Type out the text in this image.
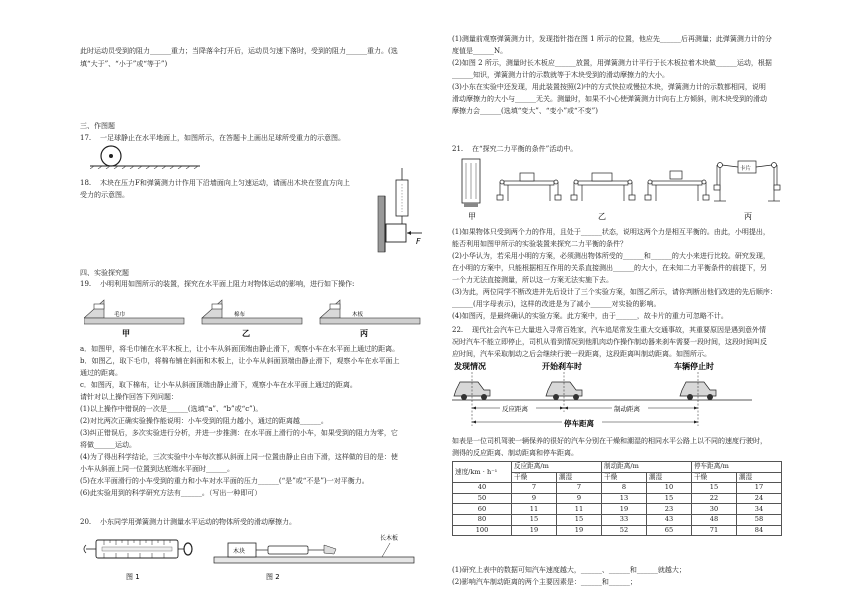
此时运动员受到的阻力______重力；当降落伞打开后，运动员匀速下落时，受到的阻力______重力。(选
填“大于”、“小于”或“等于”)
三、作图题
17.    一足球静止在水平地面上，如图所示，在答题卡上画出足球所受重力的示意图。
18.    木块在压力F和弹簧测力计作用下沿墙面向上匀速运动，请画出木块在竖直方向上
受力的示意图。
F
四、实验探究题
19.    小明利用如图所示的装置，探究在水平面上阻力对物体运动的影响，进行如下操作:
毛巾	棉布	木板
甲	乙	丙
a．如图甲，将毛巾铺在水平木板上，让小车从斜面顶端由静止滑下，观察小车在水平面上通过的距离。
b．如图乙，取下毛巾，将棉布铺在斜面和木板上，让小车从斜面顶端由静止滑下，观察小车在水平面上
通过的距离。
c．如图丙，取下棉布，让小车从斜面顶端由静止滑下，观察小车在水平面上通过的距离。
请针对以上操作回答下列问题：
(1)以上操作中错误的一次是______(选填“a”、“b”或“c”)。
(2)对比两次正确实验操作能说明：小车受到的阻力越小，通过的距离越______。
(3)纠正错误后，多次实验进行分析，并进一步推测：在水平面上滑行的小车，如果受到的阻力为零，它
将做______运动。
(4)为了得出科学结论，三次实验中小车每次都从斜面上同一位置由静止自由下滑，这样做的目的是：使
小车从斜面上同一位置到达底端水平面时______。
(5)在水平面滑行的小车受到的重力和小车对水平面的压力______(“是”或“不是”)一对平衡力。
(6)此实验用到的科学研究方法有______。（写出一种即可）
20.    小东同学用弹簧测力计测量水平运动的物体所受的滑动摩擦力。
图 1
木块
长木板
图 2
(1)测量前观察弹簧测力计，发现指针指在图 1 所示的位置，他应先______后再测量；此弹簧测力计的分
度值是______N。
(2)如图 2 所示，测量时长木板应______放置，用弹簧测力计平行于长木板拉着木块做______运动，根据
______知识，弹簧测力计的示数就等于木块受到的滑动摩擦力的大小。
(3)小东在实验中还发现，用此装置按照(2)中的方式快拉或慢拉木块，弹簧测力计的示数都相同，说明
滑动摩擦力的大小与______无关。测量时，如果不小心使弹簧测力计向右上方倾斜，则木块受到的滑动
摩擦力会______(选填“变大”、“变小”或“不变”)
21.    在“探究二力平衡的条件”活动中。
甲	乙
卡片
丙
(1)如果物体只受到两个力的作用，且处于______状态，说明这两个力是相互平衡的。由此，小明提出，
能否利用如图甲所示的实验装置来探究二力平衡的条件？
(2)小华认为，若采用小明的方案，必须测出物体所受的______和______的大小来进行比较。研究发现，
在小明的方案中，只能根据相互作用的关系直接测出______的大小，在未知二力平衡条件的前提下，另
一个力无法直接测量，所以这一方案无法实施下去。
(3)为此，两位同学不断改进并先后设计了三个实验方案，如图乙所示，请你判断出他们改进的先后顺序：
______(用字母表示)，这样的改进是为了减小______对实验的影响。
(4)如图丙，是最终确认的实验方案。此方案中，由于______，故卡片的重力可忽略不计。
22.    现代社会汽车已大量进入寻常百姓家，汽车追尾常发生重大交通事故，其重要原因是遇到意外情
况时汽车不能立即停止，司机从看到情况到他肌肉动作操作制动器来刹车需要一段时间，这段时间叫反
应时间，汽车采取制动之后会继续行驶一段距离，这段距离叫制动距离。如图所示。
发现情况	开始刹车时	车辆停止时
反应距离	制动距离
停车距离
如表是一位司机驾驶一辆保养的很好的汽车分别在干燥和潮湿的相同水平公路上以不同的速度行驶时，
测得的反应距离、制动距离和停车距离。
速度/km · h⁻¹	反应距离/m		制动距离/m		停车距离/m	
	干燥	潮湿	干燥	潮湿	干燥	潮湿
40	7	7	8	10	15	17
50	9	9	13	15	22	24
60	11	11	19	23	30	34
80	15	15	33	43	48	58
100	19	19	52	65	71	84
(1)研究上表中的数据可知汽车速度越大，______、______和______就越大；
(2)影响汽车制动距离的两个主要因素是：______和______；
